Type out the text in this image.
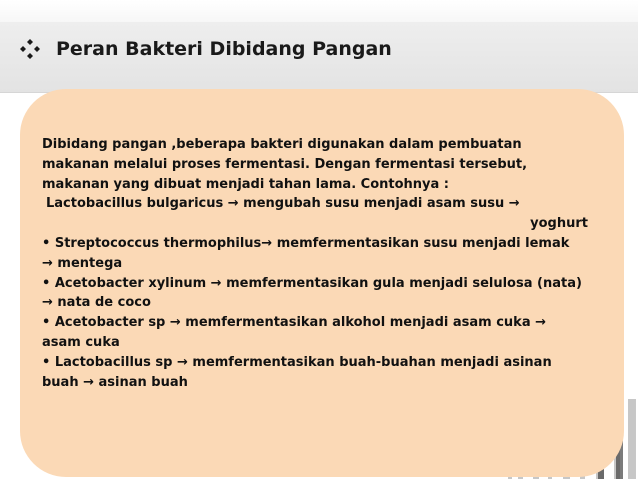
Peran Bakteri Dibidang Pangan
Dibidang pangan ,beberapa bakteri digunakan dalam pembuatan
makanan melalui proses fermentasi. Dengan fermentasi tersebut,
makanan yang dibuat menjadi tahan lama. Contohnya :
Lactobacillus bulgaricus → mengubah susu menjadi asam susu →
yoghurt
• Streptococcus thermophilus→ memfermentasikan susu menjadi lemak
→ mentega
• Acetobacter xylinum → memfermentasikan gula menjadi selulosa (nata)
→ nata de coco
• Acetobacter sp → memfermentasikan alkohol menjadi asam cuka →
asam cuka
• Lactobacillus sp → memfermentasikan buah-buahan menjadi asinan
buah → asinan buah
